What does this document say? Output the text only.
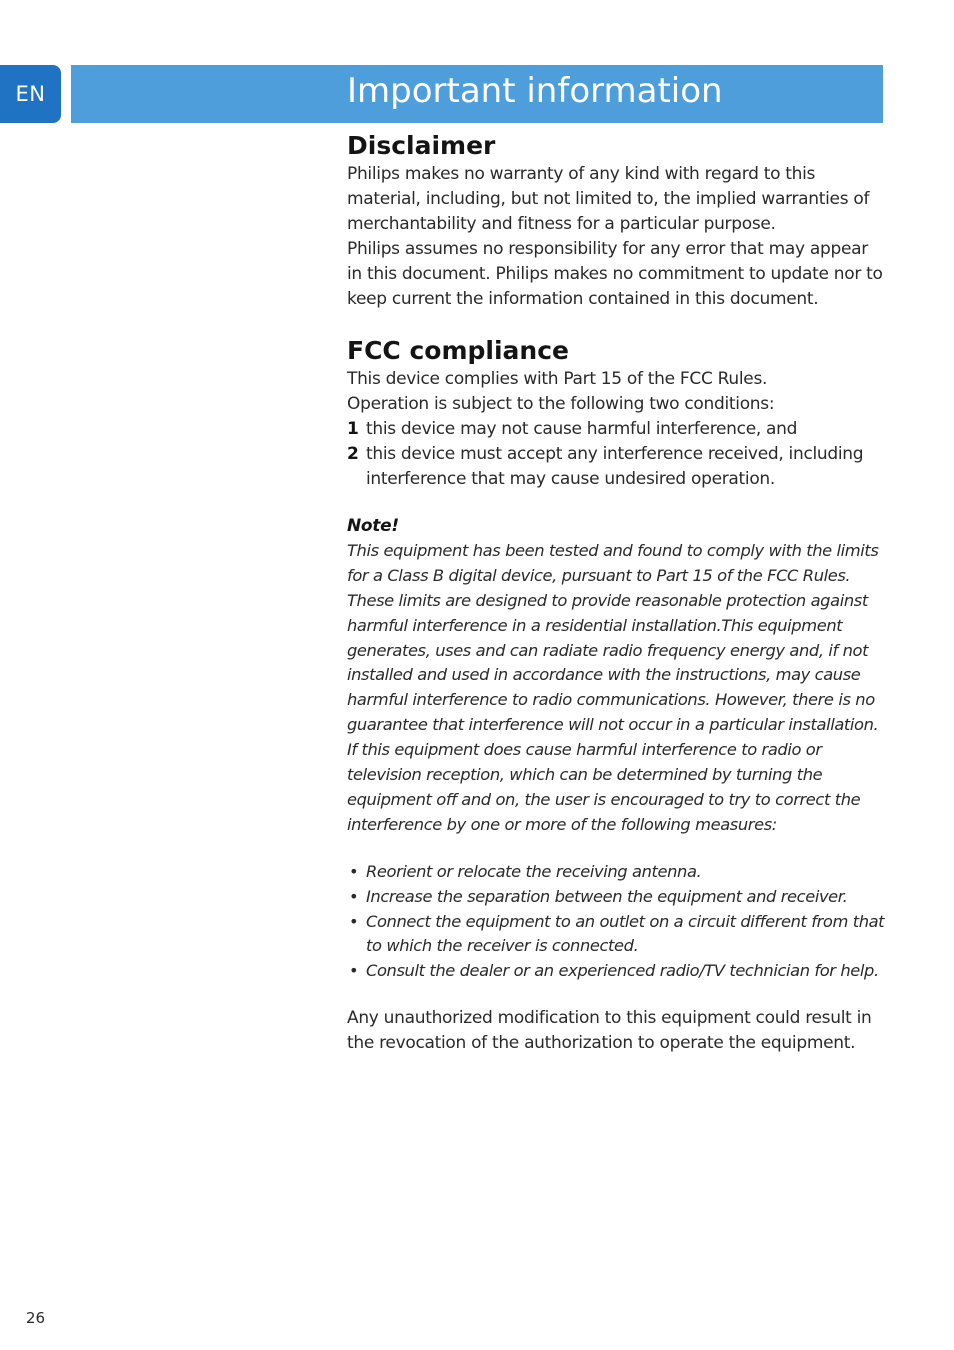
EN	Important information
Disclaimer

Philips makes no warranty of any kind with regard to this material, including, but not limited to, the implied warranties of merchantability and fitness for a particular purpose.

Philips assumes no responsibility for any error that may appear in this document. Philips makes no commitment to update nor to keep current the information contained in this document.

FCC compliance

This device complies with Part 15 of the FCC Rules.

Operation is subject to the following two conditions:

1 this device may not cause harmful interference, and
2 this device must accept any interference received, including interference that may cause undesired operation.

Note!

This equipment has been tested and found to comply with the limits for a Class B digital device, pursuant to Part 15 of the FCC Rules. These limits are designed to provide reasonable protection against harmful interference in a residential installation.This equipment generates, uses and can radiate radio frequency energy and, if not installed and used in accordance with the instructions, may cause harmful interference to radio communications. However, there is no guarantee that interference will not occur in a particular installation. If this equipment does cause harmful interference to radio or television reception, which can be determined by turning the equipment off and on, the user is encouraged to try to correct the interference by one or more of the following measures:

• Reorient or relocate the receiving antenna.
• Increase the separation between the equipment and receiver.
• Connect the equipment to an outlet on a circuit different from that to which the receiver is connected.
• Consult the dealer or an experienced radio/TV technician for help.

Any unauthorized modification to this equipment could result in the revocation of the authorization to operate the equipment.

26
